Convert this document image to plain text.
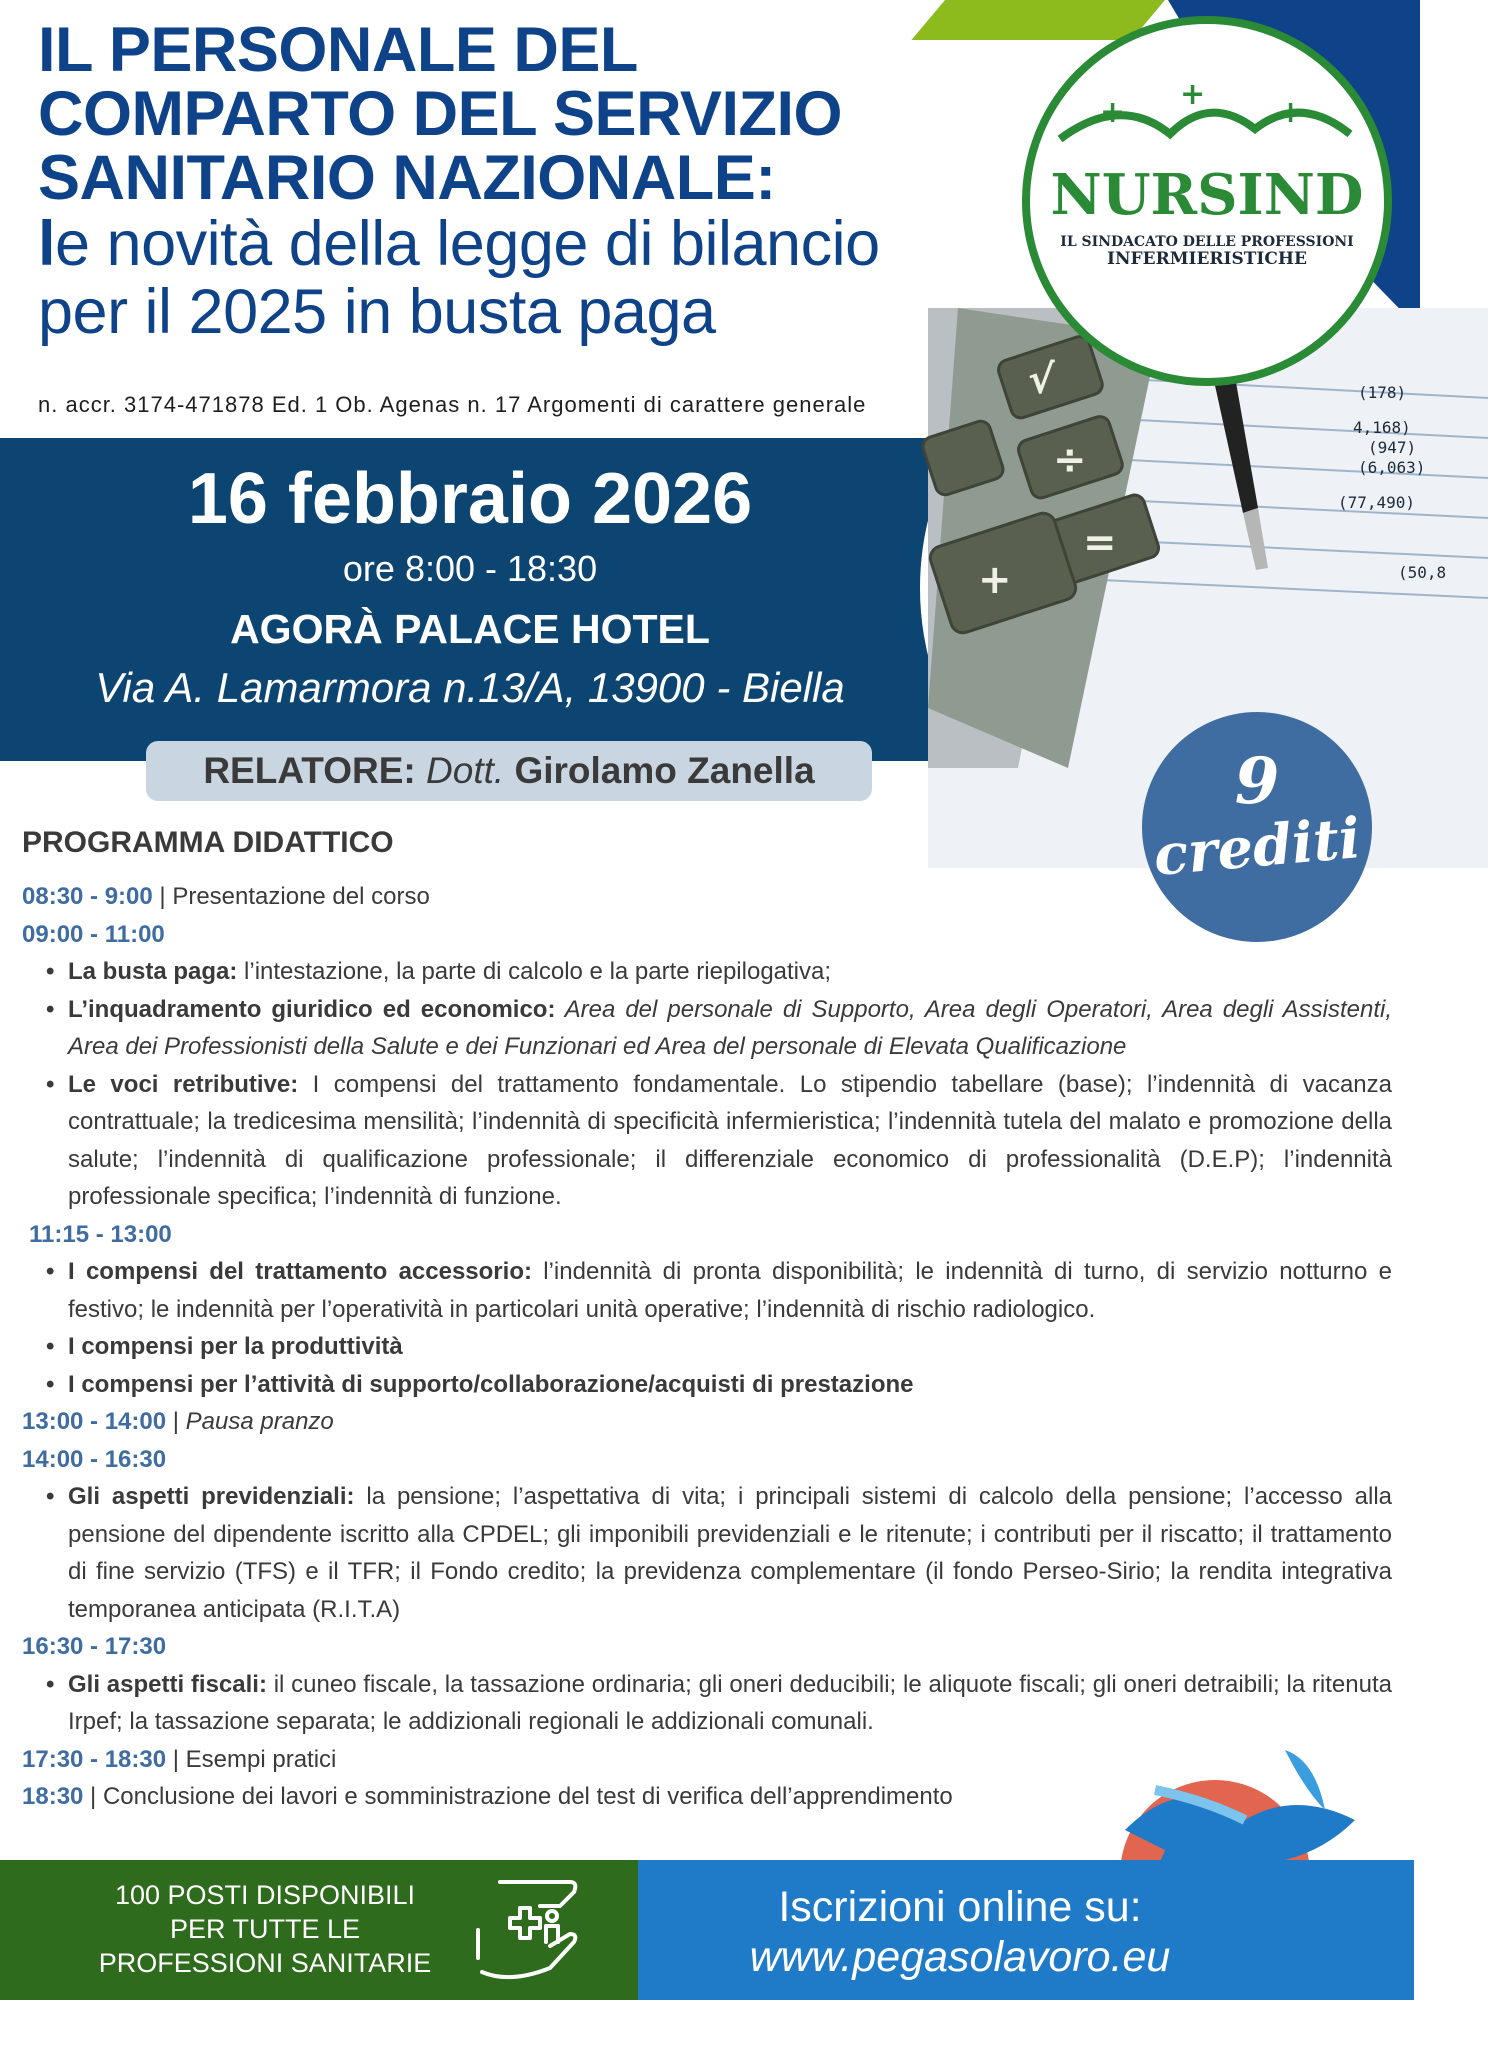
IL PERSONALE DEL
COMPARTO DEL SERVIZIO
SANITARIO NAZIONALE:
le novità della legge di bilancio
per il 2025 in busta paga
n. accr. 3174-471878 Ed. 1 Ob. Agenas n. 17 Argomenti di carattere generale
16 febbraio 2026
ore 8:00 - 18:30
AGORÀ PALACE HOTEL
Via A. Lamarmora n.13/A, 13900 - Biella
√
÷
=
+
(178)
4,168)
(947)
(6,063)
(77,490)
(50,8
+
+
+
NURSIND
IL SINDACATO DELLE PROFESSIONI
INFERMIERISTICHE
9
crediti
RELATORE: Dott. Girolamo Zanella
PROGRAMMA DIDATTICO
08:30 - 9:00 | Presentazione del corso
09:00 - 11:00
• La busta paga: l’intestazione, la parte di calcolo e la parte riepilogativa;
• L’inquadramento giuridico ed economico: Area del personale di Supporto, Area degli Operatori, Area degli Assistenti, Area dei Professionisti della Salute e dei Funzionari ed Area del personale di Elevata Qualificazione
• Le voci retributive: I compensi del trattamento fondamentale. Lo stipendio tabellare (base); l’indennità di vacanza contrattuale; la tredicesima mensilità; l’indennità di specificità infermieristica; l’indennità tutela del malato e promozione della salute; l’indennità di qualificazione professionale; il differenziale economico di professionalità (D.E.P); l’indennità professionale specifica; l’indennità di funzione.
11:15 - 13:00
• I compensi del trattamento accessorio: l’indennità di pronta disponibilità; le indennità di turno, di servizio notturno e festivo; le indennità per l’operatività in particolari unità operative; l’indennità di rischio radiologico.
• I compensi per la produttività
• I compensi per l’attività di supporto/collaborazione/acquisti di prestazione
13:00 - 14:00 | Pausa pranzo
14:00 - 16:30
• Gli aspetti previdenziali: la pensione; l’aspettativa di vita; i principali sistemi di calcolo della pensione; l’accesso alla pensione del dipendente iscritto alla CPDEL; gli imponibili previdenziali e le ritenute; i contributi per il riscatto; il trattamento di fine servizio (TFS) e il TFR; il Fondo credito; la previdenza complementare (il fondo Perseo-Sirio; la rendita integrativa temporanea anticipata (R.I.T.A)
16:30 - 17:30
• Gli aspetti fiscali: il cuneo fiscale, la tassazione ordinaria; gli oneri deducibili; le aliquote fiscali; gli oneri detraibili; la ritenuta Irpef; la tassazione separata; le addizionali regionali le addizionali comunali.
17:30 - 18:30 | Esempi pratici
18:30 | Conclusione dei lavori e somministrazione del test di verifica dell’apprendimento
100 POSTI DISPONIBILI
PER TUTTE LE
PROFESSIONI SANITARIE
Iscrizioni online su:
www.pegasolavoro.eu
